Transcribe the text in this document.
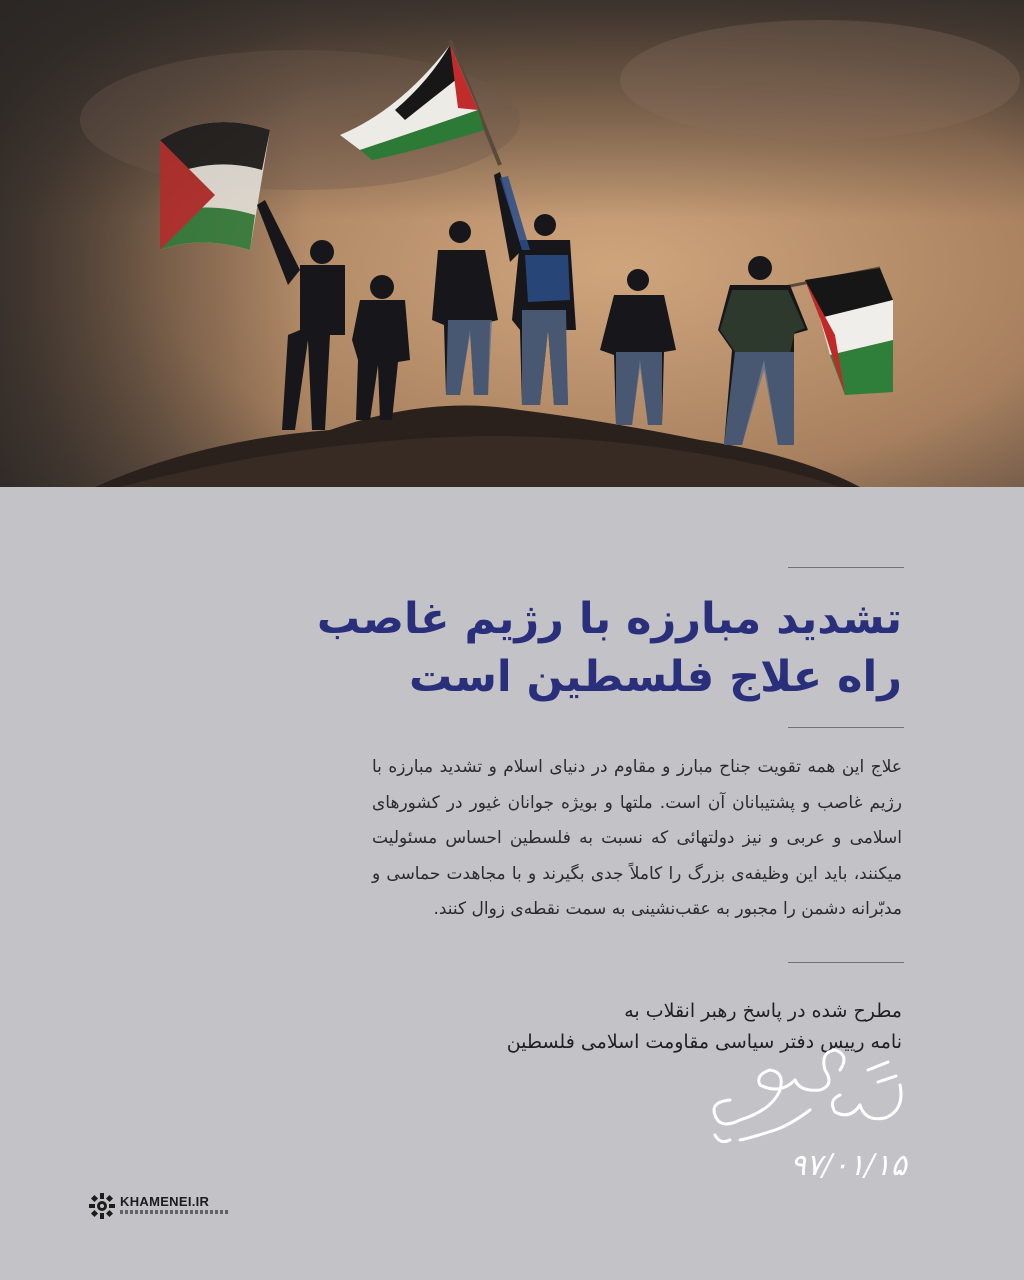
تشدید مبارزه با رژیم غاصب
راه علاج فلسطین است
علاج این همه تقویت جناح مبارز و مقاوم در دنیای اسلام و تشدید مبارزه با رژیم غاصب و پشتیبانان آن است. ملتها و بویژه جوانان غیور در کشورهای اسلامی و عربی و نیز دولتهائی که نسبت به فلسطین احساس مسئولیت میکنند، باید این وظیفه‌ی بزرگ را کاملاً جدی بگیرند و با مجاهدت حماسی و مدبّرانه دشمن را مجبور به عقب‌نشینی به سمت نقطه‌ی زوال کنند.
مطرح شده در پاسخ رهبر انقلاب به
نامه رییس دفتر سیاسی مقاومت اسلامی فلسطین
۹۷/۰۱/۱۵
KHAMENEI.IR
